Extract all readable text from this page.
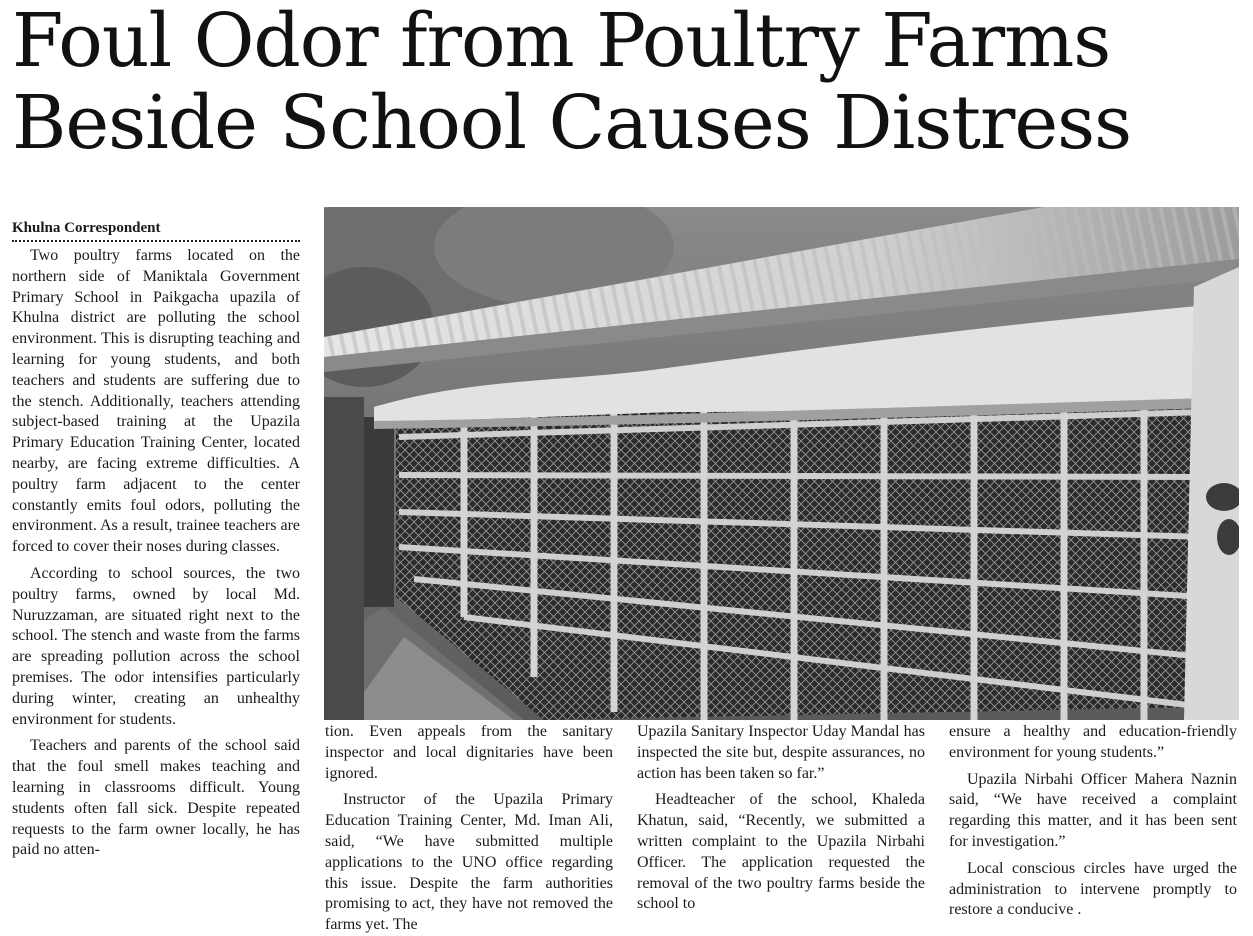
Foul Odor from Poultry Farms
Beside School Causes Distress
Khulna Correspondent

Two poultry farms located on the northern side of Maniktala Government Primary School in Paikgacha upazila of Khulna district are polluting the school environment. This is disrupting teaching and learning for young students, and both teachers and students are suffering due to the stench. Additionally, teachers attending subject-based training at the Upazila Primary Education Training Center, located nearby, are facing extreme difficulties. A poultry farm adjacent to the center constantly emits foul odors, polluting the environment. As a result, trainee teachers are forced to cover their noses during classes.

According to school sources, the two poultry farms, owned by local Md. Nuruzzaman, are situated right next to the school. The stench and waste from the farms are spreading pollution across the school premises. The odor intensifies particularly during winter, creating an unhealthy environment for students.

Teachers and parents of the school said that the foul smell makes teaching and learning in classrooms difficult. Young students often fall sick. Despite repeated requests to the farm owner locally, he has paid no atten-

tion. Even appeals from the sanitary inspector and local dignitaries have been ignored.

Instructor of the Upazila Primary Education Training Center, Md. Iman Ali, said, “We have submitted multiple applications to the UNO office regarding this issue. Despite the farm authorities promising to act, they have not removed the farms yet. The

Upazila Sanitary Inspector Uday Mandal has inspected the site but, despite assurances, no action has been taken so far.”

Headteacher of the school, Khaleda Khatun, said, “Recently, we submitted a written complaint to the Upazila Nirbahi Officer. The application requested the removal of the two poultry farms beside the school to

ensure a healthy and education-friendly environment for young students.”

Upazila Nirbahi Officer Mahera Naznin said, “We have received a complaint regarding this matter, and it has been sent for investigation.”

Local conscious circles have urged the administration to intervene promptly to restore a conducive .
